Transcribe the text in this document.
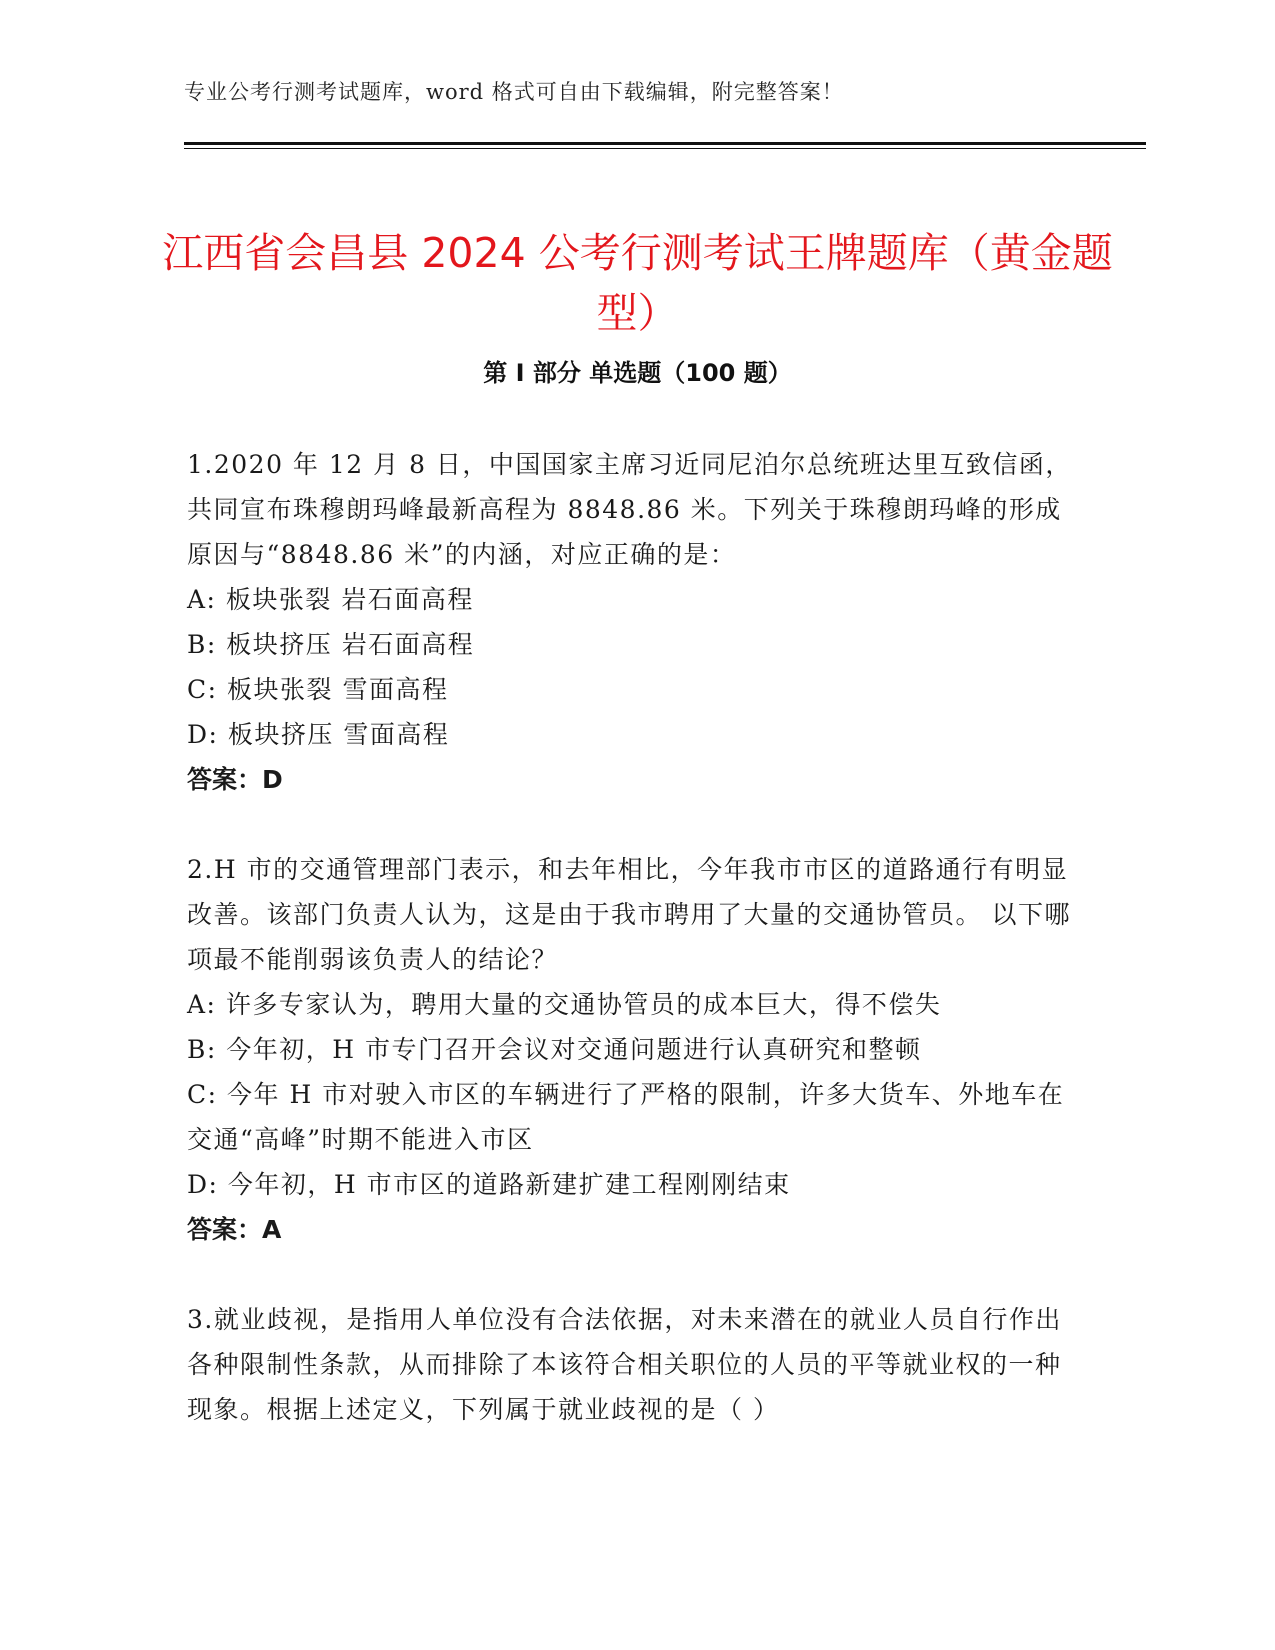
专业公考行测考试题库，word 格式可自由下载编辑，附完整答案！
江西省会昌县 2024 公考行测考试王牌题库（黄金题型）
第 I 部分 单选题（100 题）

1.2020 年 12 月 8 日，中国国家主席习近同尼泊尔总统班达里互致信函，共同宣布珠穆朗玛峰最新高程为 8848.86 米。下列关于珠穆朗玛峰的形成原因与“8848.86 米”的内涵，对应正确的是：

A: 板块张裂 岩石面高程

B: 板块挤压 岩石面高程

C: 板块张裂 雪面高程

D: 板块挤压 雪面高程

答案：D

2.H 市的交通管理部门表示，和去年相比，今年我市市区的道路通行有明显改善。该部门负责人认为，这是由于我市聘用了大量的交通协管员。 以下哪项最不能削弱该负责人的结论？

A: 许多专家认为，聘用大量的交通协管员的成本巨大，得不偿失

B: 今年初，H 市专门召开会议对交通问题进行认真研究和整顿

C: 今年 H 市对驶入市区的车辆进行了严格的限制，许多大货车、外地车在交通“高峰”时期不能进入市区

D: 今年初，H 市市区的道路新建扩建工程刚刚结束

答案：A

3.就业歧视，是指用人单位没有合法依据，对未来潜在的就业人员自行作出各种限制性条款，从而排除了本该符合相关职位的人员的平等就业权的一种现象。根据上述定义，下列属于就业歧视的是（ ）
